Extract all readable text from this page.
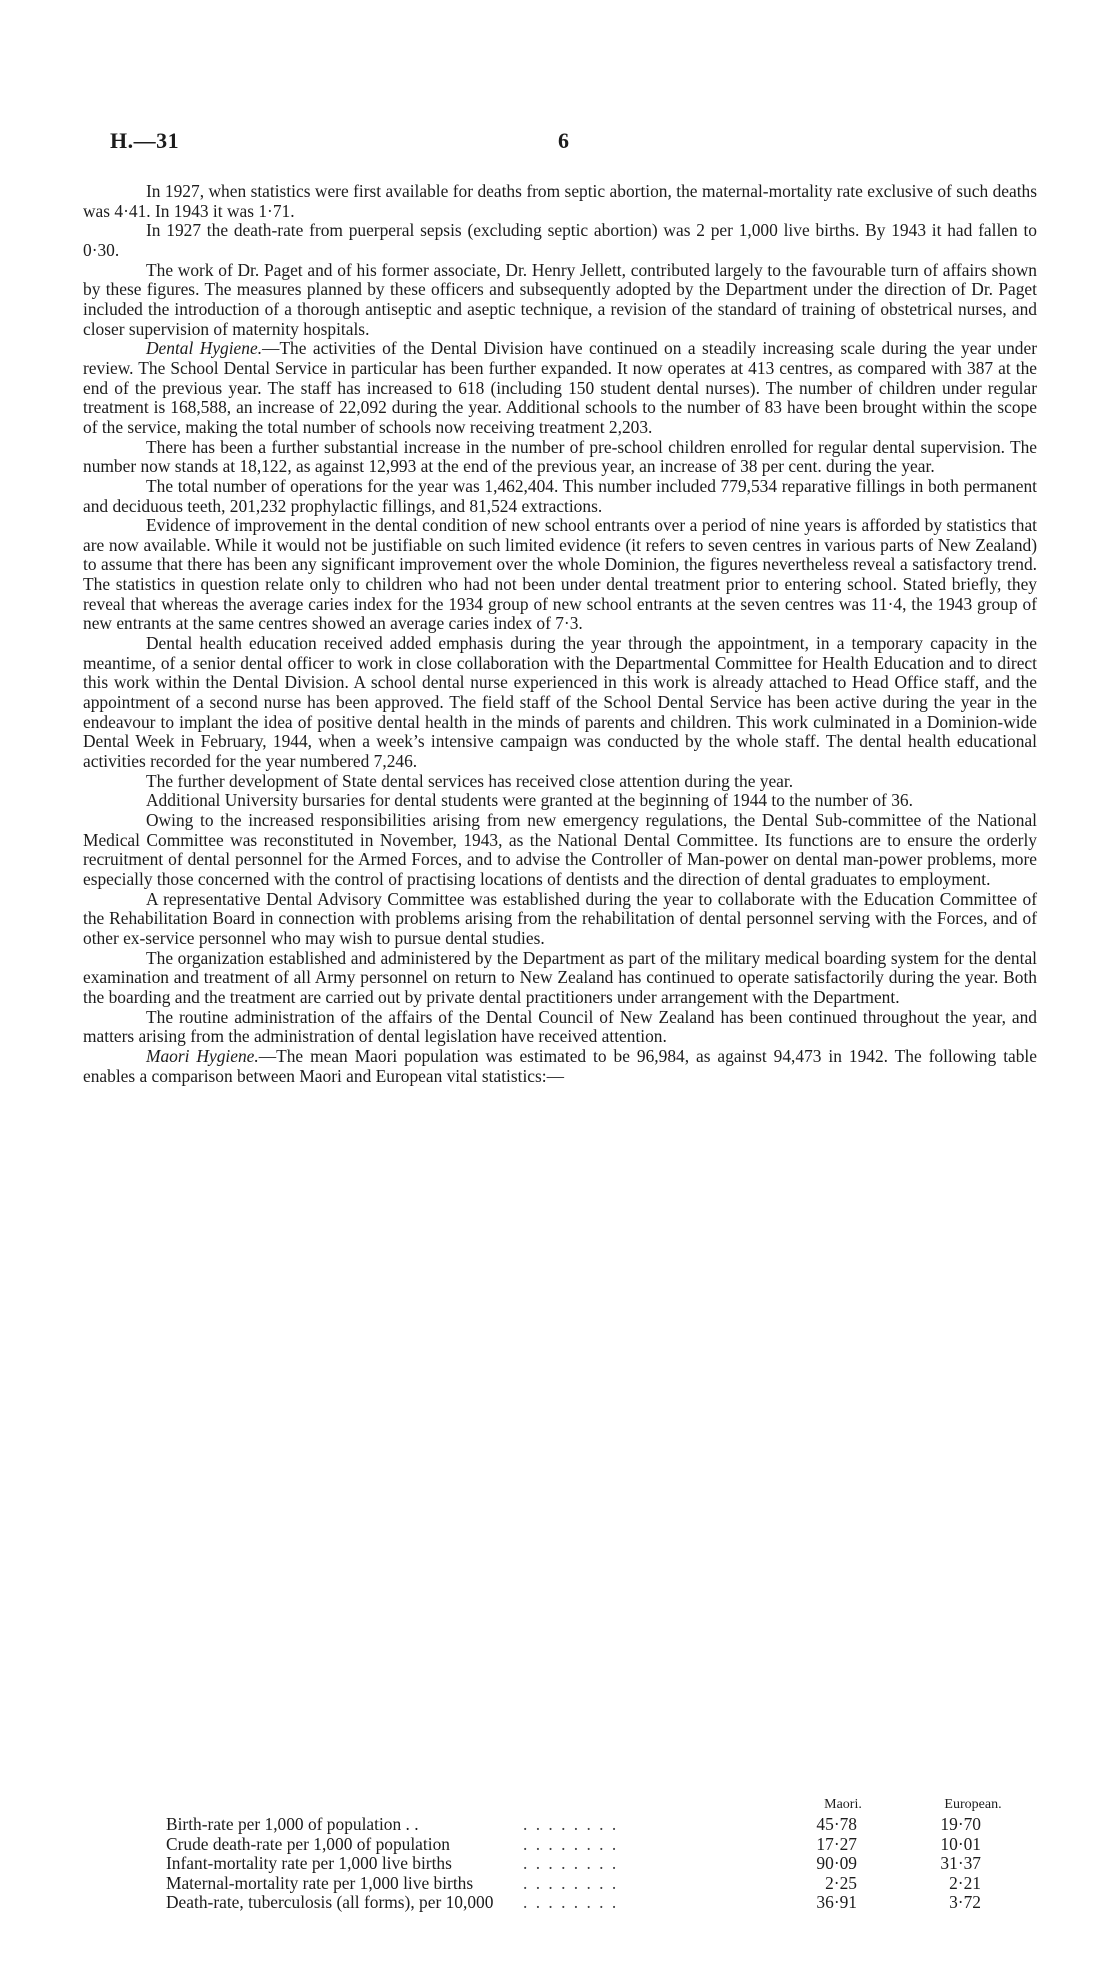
H.—31	6

In 1927, when statistics were first available for deaths from septic abortion, the maternal-mortality rate exclusive of such deaths was 4·41. In 1943 it was 1·71.

In 1927 the death-rate from puerperal sepsis (excluding septic abortion) was 2 per 1,000 live births. By 1943 it had fallen to 0·30.

The work of Dr. Paget and of his former associate, Dr. Henry Jellett, contributed largely to the favourable turn of affairs shown by these figures. The measures planned by these officers and subsequently adopted by the Department under the direction of Dr. Paget included the introduction of a thorough antiseptic and aseptic technique, a revision of the standard of training of obstetrical nurses, and closer supervision of maternity hospitals.

Dental Hygiene.—The activities of the Dental Division have continued on a steadily increasing scale during the year under review. The School Dental Service in particular has been further expanded. It now operates at 413 centres, as compared with 387 at the end of the previous year. The staff has increased to 618 (including 150 student dental nurses). The number of children under regular treatment is 168,588, an increase of 22,092 during the year. Additional schools to the number of 83 have been brought within the scope of the service, making the total number of schools now receiving treatment 2,203.

There has been a further substantial increase in the number of pre-school children enrolled for regular dental supervision. The number now stands at 18,122, as against 12,993 at the end of the previous year, an increase of 38 per cent. during the year.

The total number of operations for the year was 1,462,404. This number included 779,534 reparative fillings in both permanent and deciduous teeth, 201,232 prophylactic fillings, and 81,524 extractions.

Evidence of improvement in the dental condition of new school entrants over a period of nine years is afforded by statistics that are now available. While it would not be justifiable on such limited evidence (it refers to seven centres in various parts of New Zealand) to assume that there has been any significant improvement over the whole Dominion, the figures nevertheless reveal a satisfactory trend. The statistics in question relate only to children who had not been under dental treatment prior to entering school. Stated briefly, they reveal that whereas the average caries index for the 1934 group of new school entrants at the seven centres was 11·4, the 1943 group of new entrants at the same centres showed an average caries index of 7·3.

Dental health education received added emphasis during the year through the appointment, in a temporary capacity in the meantime, of a senior dental officer to work in close collaboration with the Departmental Committee for Health Education and to direct this work within the Dental Division. A school dental nurse experienced in this work is already attached to Head Office staff, and the appointment of a second nurse has been approved. The field staff of the School Dental Service has been active during the year in the endeavour to implant the idea of positive dental health in the minds of parents and children. This work culminated in a Dominion-wide Dental Week in February, 1944, when a week’s intensive campaign was conducted by the whole staff. The dental health educational activities recorded for the year numbered 7,246.

The further development of State dental services has received close attention during the year.

Additional University bursaries for dental students were granted at the beginning of 1944 to the number of 36.

Owing to the increased responsibilities arising from new emergency regulations, the Dental Sub-committee of the National Medical Committee was reconstituted in November, 1943, as the National Dental Committee. Its functions are to ensure the orderly recruitment of dental personnel for the Armed Forces, and to advise the Controller of Man-power on dental man-power problems, more especially those concerned with the control of practising locations of dentists and the direction of dental graduates to employment.

A representative Dental Advisory Committee was established during the year to collaborate with the Education Committee of the Rehabilitation Board in connection with problems arising from the rehabilitation of dental personnel serving with the Forces, and of other ex-service personnel who may wish to pursue dental studies.

The organization established and administered by the Department as part of the military medical boarding system for the dental examination and treatment of all Army personnel on return to New Zealand has continued to operate satisfactorily during the year. Both the boarding and the treatment are carried out by private dental practitioners under arrangement with the Department.

The routine administration of the affairs of the Dental Council of New Zealand has been continued throughout the year, and matters arising from the administration of dental legislation have received attention.

Maori Hygiene.—The mean Maori population was estimated to be 96,984, as against 94,473 in 1942. The following table enables a comparison between Maori and European vital statistics:—

Maori.	European.
Birth-rate per 1,000 of population . .	. . . . . . . .	45·78	19·70
Crude death-rate per 1,000 of population	. . . . . . . .	17·27	10·01
Infant-mortality rate per 1,000 live births	. . . . . . . .	90·09	31·37
Maternal-mortality rate per 1,000 live births	. . . . . . . .	2·25	2·21
Death-rate, tuberculosis (all forms), per 10,000 . . . . . . . .	36·91	3·72
